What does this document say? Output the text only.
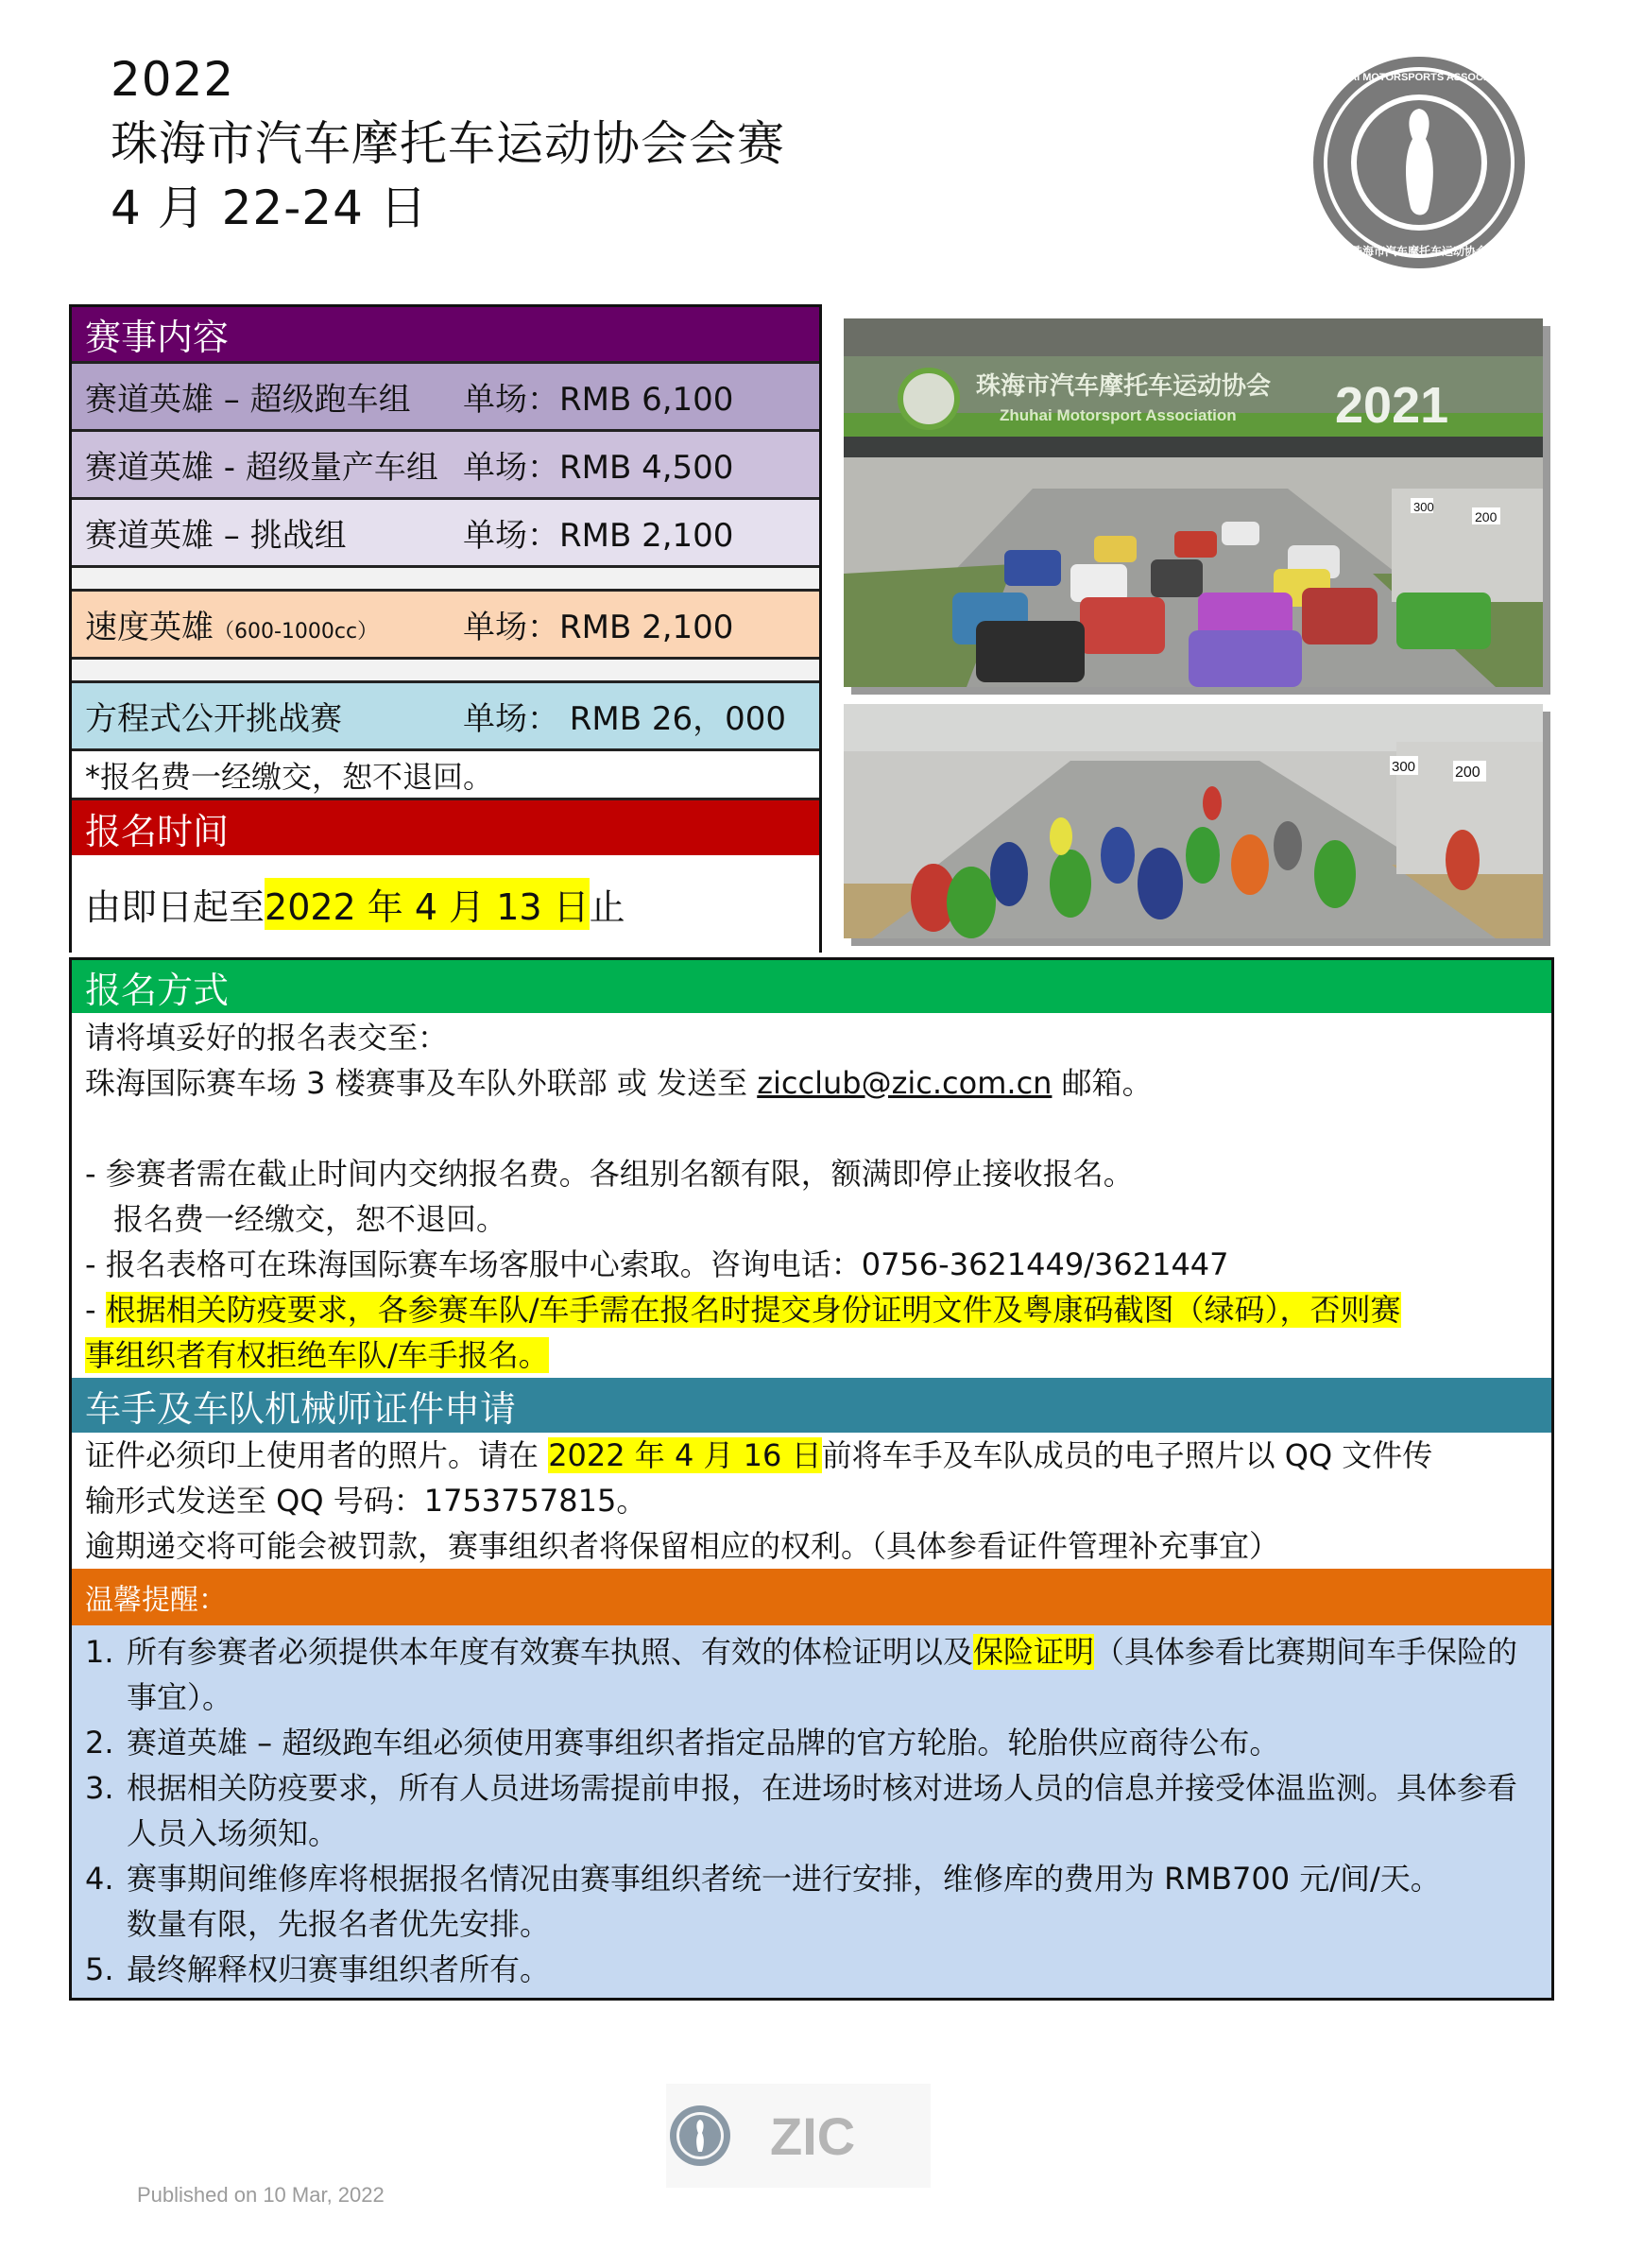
2022
珠海市汽车摩托车运动协会会赛
4 月 22-24 日
ZHUHAI MOTORSPORTS ASSOCIATION
珠海市汽车摩托车运动协会
赛事内容
赛道英雄 – 超级跑车组	单场：RMB 6,100
赛道英雄 - 超级量产车组 单场：RMB 4,500
赛道英雄 – 挑战组	单场：RMB 2,100
速度英雄（600-1000cc）	单场：RMB 2,100
方程式公开挑战赛	单场： RMB 26，000
*报名费一经缴交，恕不退回。
报名时间
由即日起至 2022 年 4 月 13 日 止
珠海市汽车摩托车运动协会
Zhuhai Motorsport Association 2021
300
200
300	200
报名方式
请将填妥好的报名表交至：
珠海国际赛车场 3 楼赛事及车队外联部 或 发送至 zicclub@zic.com.cn 邮箱。
- 参赛者需在截止时间内交纳报名费。各组别名额有限，额满即停止接收报名。
报名费一经缴交，恕不退回。
- 报名表格可在珠海国际赛车场客服中心索取。咨询电话：0756-3621449/3621447
- 根据相关防疫要求，各参赛车队/车手需在报名时提交身份证明文件及粤康码截图（绿码），否则赛
事组织者有权拒绝车队/车手报名。
车手及车队机械师证件申请
证件必须印上使用者的照片。请在 2022 年 4 月 16 日前将车手及车队成员的电子照片以 QQ 文件传
输形式发送至 QQ 号码：1753757815。
逾期递交将可能会被罚款，赛事组织者将保留相应的权利。（具体参看证件管理补充事宜）
温馨提醒：
1. 所有参赛者必须提供本年度有效赛车执照、有效的体检证明以及保险证明（具体参看比赛期间车手保险的
事宜）。
2. 赛道英雄 – 超级跑车组必须使用赛事组织者指定品牌的官方轮胎。轮胎供应商待公布。
3. 根据相关防疫要求，所有人员进场需提前申报，在进场时核对进场人员的信息并接受体温监测。具体参看
人员入场须知。
4. 赛事期间维修库将根据报名情况由赛事组织者统一进行安排，维修库的费用为 RMB700 元/间/天。
数量有限，先报名者优先安排。
5. 最终解释权归赛事组织者所有。
ZIC
Published on 10 Mar, 2022
